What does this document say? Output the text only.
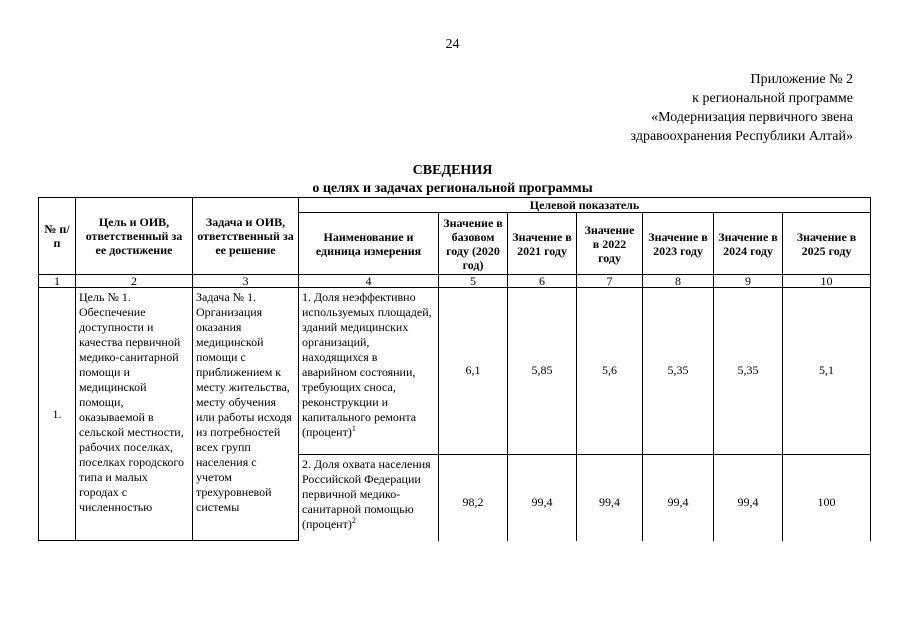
24
Приложение № 2
к региональной программе
«Модернизация первичного звена
здравоохранения Республики Алтай»
СВЕДЕНИЯ
о целях и задачах региональной программы
№ п/п	Цель и ОИВ, ответственный за ее достижение	Задача и ОИВ, ответственный за ее решение	Целевой показатель						
			Наименование и единица измерения	Значение в базовом году (2020 год)	Значение в 2021 году	Значение в 2022 году	Значение в 2023 году	Значение в 2024 году	Значение в 2025 году
1	2	3	4	5	6	7	8	9	10
1.	Цель № 1. Обеспечение доступности и качества первичной медико-санитарной помощи и медицинской помощи, оказываемой в сельской местности, рабочих поселках, поселках городского типа и малых городах с численностью	Задача № 1. Организация оказания медицинской помощи с приближением к месту жительства, месту обучения или работы исходя из потребностей всех групп населения с учетом трехуровневой системы	1. Доля неэффективно используемых площадей, зданий медицинских организаций, находящихся в аварийном состоянии, требующих сноса, реконструкции и капитального ремонта (процент)$^1$	6,1	5,85	5,6	5,35	5,35	5,1
			2. Доля охвата населения Российской Федерации первичной медико-санитарной помощью (процент)$^2$	98,2	99,4	99,4	99,4	99,4	100
